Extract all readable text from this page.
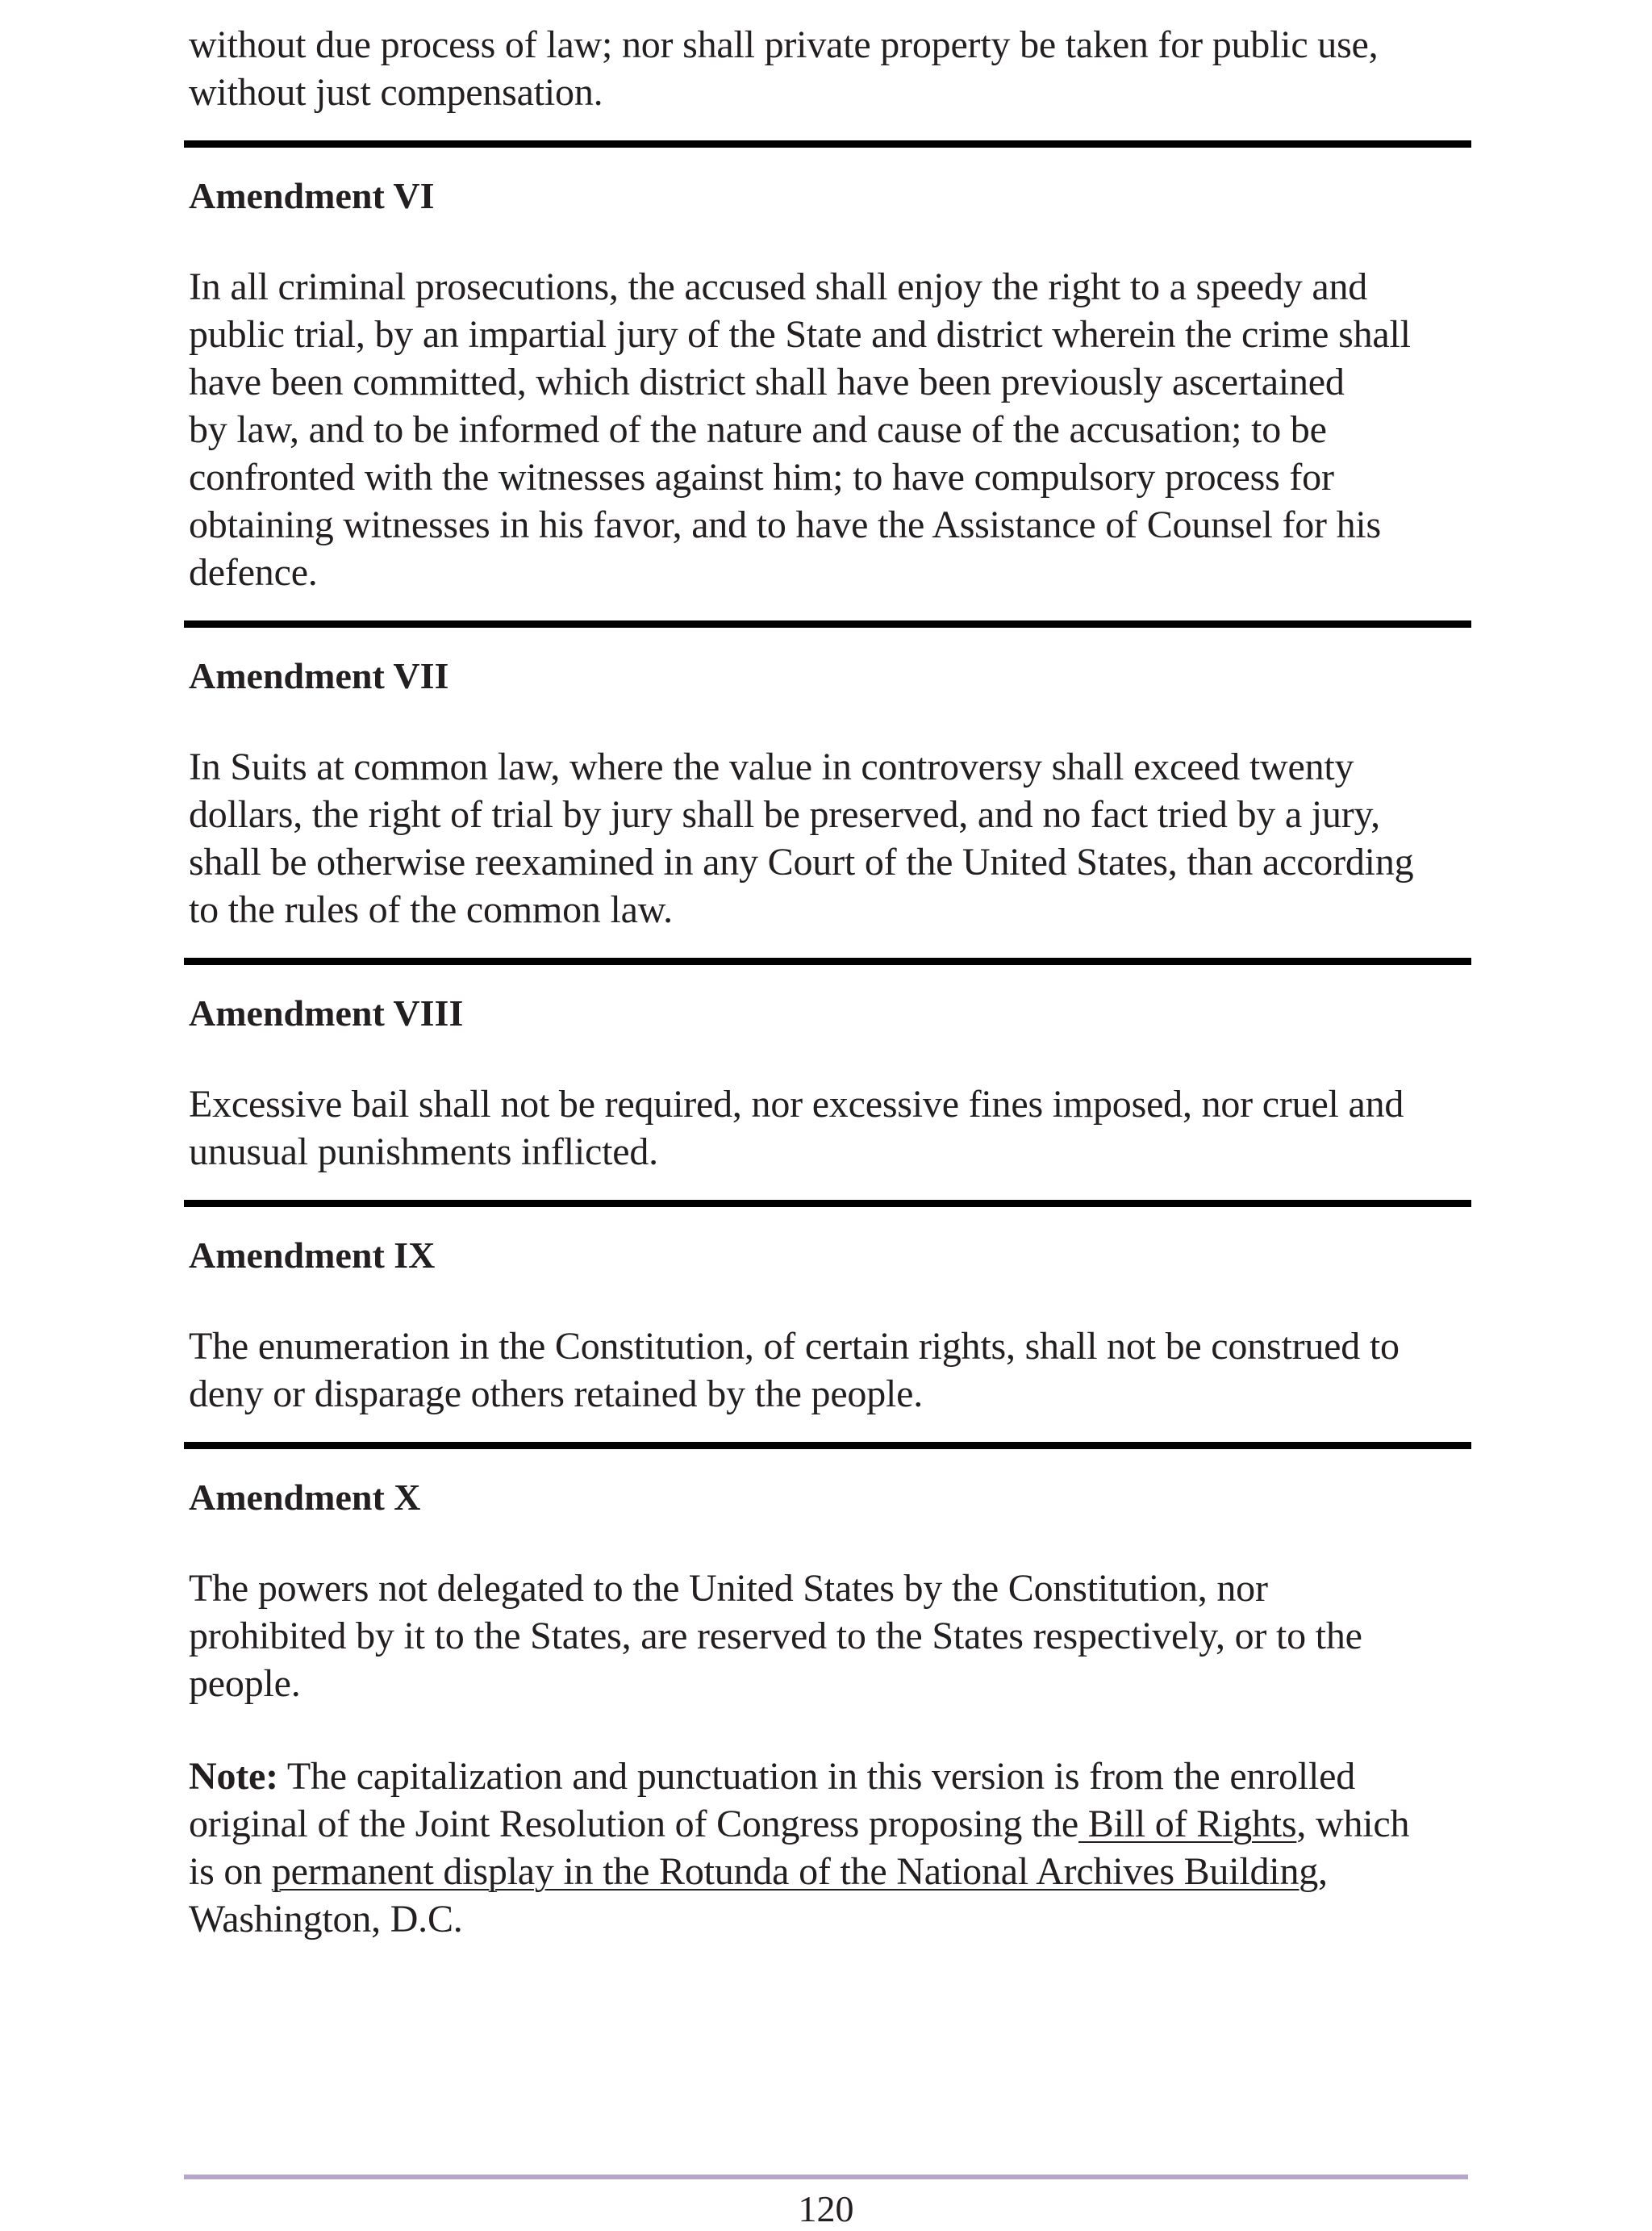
without due process of law; nor shall private property be taken for public use,
without just compensation.

Amendment VI

In all criminal prosecutions, the accused shall enjoy the right to a speedy and
public trial, by an impartial jury of the State and district wherein the crime shall
have been committed, which district shall have been previously ascertained
by law, and to be informed of the nature and cause of the accusation; to be
confronted with the witnesses against him; to have compulsory process for
obtaining witnesses in his favor, and to have the Assistance of Counsel for his
defence.

Amendment VII

In Suits at common law, where the value in controversy shall exceed twenty
dollars, the right of trial by jury shall be preserved, and no fact tried by a jury,
shall be otherwise reexamined in any Court of the United States, than according
to the rules of the common law.

Amendment VIII

Excessive bail shall not be required, nor excessive fines imposed, nor cruel and
unusual punishments inflicted.

Amendment IX

The enumeration in the Constitution, of certain rights, shall not be construed to
deny or disparage others retained by the people.

Amendment X

The powers not delegated to the United States by the Constitution, nor
prohibited by it to the States, are reserved to the States respectively, or to the
people.

Note: The capitalization and punctuation in this version is from the enrolled
original of the Joint Resolution of Congress proposing the Bill of Rights, which
is on permanent display in the Rotunda of the National Archives Building,
Washington, D.C.

120
